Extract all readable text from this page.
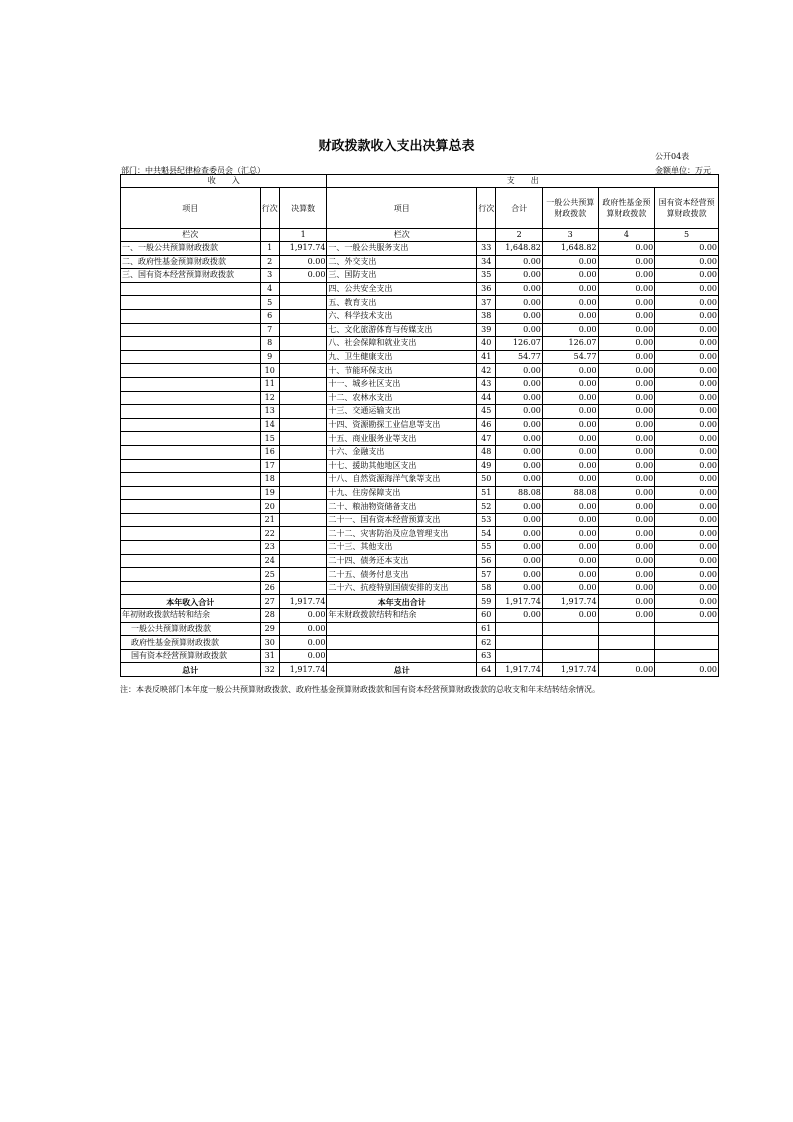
财政拨款收入支出决算总表
公开04表
金额单位：万元
部门：中共魁县纪律检查委员会（汇总）
收　　入			支　　出					
项目	行次	决算数	项目	行次	合计	一般公共预算财政拨款	政府性基金预算财政拨款	国有资本经营预算财政拨款
栏次		1	栏次		2	3	4	5
一、一般公共预算财政拨款	1	1,917.74	一、一般公共服务支出	33	1,648.82	1,648.82	0.00	0.00
二、政府性基金预算财政拨款	2	0.00	二、外交支出	34	0.00	0.00	0.00	0.00
三、国有资本经营预算财政拨款	3	0.00	三、国防支出	35	0.00	0.00	0.00	0.00
	4		四、公共安全支出	36	0.00	0.00	0.00	0.00
	5		五、教育支出	37	0.00	0.00	0.00	0.00
	6		六、科学技术支出	38	0.00	0.00	0.00	0.00
	7		七、文化旅游体育与传媒支出	39	0.00	0.00	0.00	0.00
	8		八、社会保障和就业支出	40	126.07	126.07	0.00	0.00
	9		九、卫生健康支出	41	54.77	54.77	0.00	0.00
	10		十、节能环保支出	42	0.00	0.00	0.00	0.00
	11		十一、城乡社区支出	43	0.00	0.00	0.00	0.00
	12		十二、农林水支出	44	0.00	0.00	0.00	0.00
	13		十三、交通运输支出	45	0.00	0.00	0.00	0.00
	14		十四、资源勘探工业信息等支出	46	0.00	0.00	0.00	0.00
	15		十五、商业服务业等支出	47	0.00	0.00	0.00	0.00
	16		十六、金融支出	48	0.00	0.00	0.00	0.00
	17		十七、援助其他地区支出	49	0.00	0.00	0.00	0.00
	18		十八、自然资源海洋气象等支出	50	0.00	0.00	0.00	0.00
	19		十九、住房保障支出	51	88.08	88.08	0.00	0.00
	20		二十、粮油物资储备支出	52	0.00	0.00	0.00	0.00
	21		二十一、国有资本经营预算支出	53	0.00	0.00	0.00	0.00
	22		二十二、灾害防治及应急管理支出	54	0.00	0.00	0.00	0.00
	23		二十三、其他支出	55	0.00	0.00	0.00	0.00
	24		二十四、债务还本支出	56	0.00	0.00	0.00	0.00
	25		二十五、债务付息支出	57	0.00	0.00	0.00	0.00
	26		二十六、抗疫特别国债安排的支出	58	0.00	0.00	0.00	0.00
本年收入合计	27	1,917.74	本年支出合计	59	1,917.74	1,917.74	0.00	0.00
年初财政拨款结转和结余	28	0.00	年末财政拨款结转和结余	60	0.00	0.00	0.00	0.00
一般公共预算财政拨款	29	0.00		61				
政府性基金预算财政拨款	30	0.00		62				
国有资本经营预算财政拨款	31	0.00		63				
总计	32	1,917.74	总计	64	1,917.74	1,917.74	0.00	0.00
注：本表反映部门本年度一般公共预算财政拨款、政府性基金预算财政拨款和国有资本经营预算财政拨款的总收支和年末结转结余情况。
